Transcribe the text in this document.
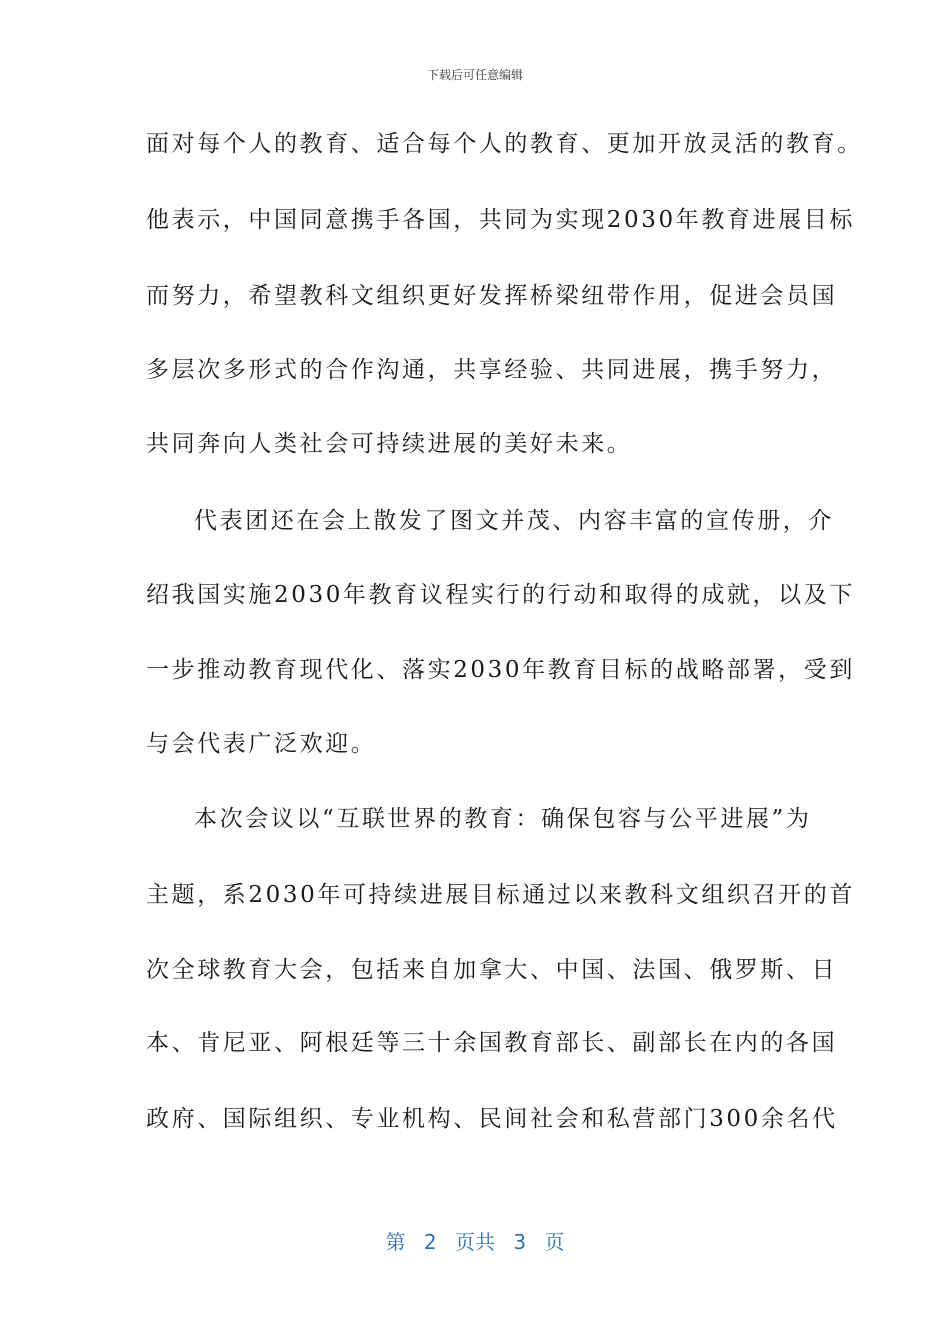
下载后可任意编辑
面对每个人的教育、适合每个人的教育、更加开放灵活的教育。
他表示，中国同意携手各国，共同为实现2030年教育进展目标
而努力，希望教科文组织更好发挥桥梁纽带作用，促进会员国
多层次多形式的合作沟通，共享经验、共同进展，携手努力，
共同奔向人类社会可持续进展的美好未来。
代表团还在会上散发了图文并茂、内容丰富的宣传册，介
绍我国实施2030年教育议程实行的行动和取得的成就，以及下
一步推动教育现代化、落实2030年教育目标的战略部署，受到
与会代表广泛欢迎。
本次会议以“互联世界的教育：确保包容与公平进展”为
主题，系2030年可持续进展目标通过以来教科文组织召开的首
次全球教育大会，包括来自加拿大、中国、法国、俄罗斯、日
本、肯尼亚、阿根廷等三十余国教育部长、副部长在内的各国
政府、国际组织、专业机构、民间社会和私营部门300余名代
第 2 页共 3 页
